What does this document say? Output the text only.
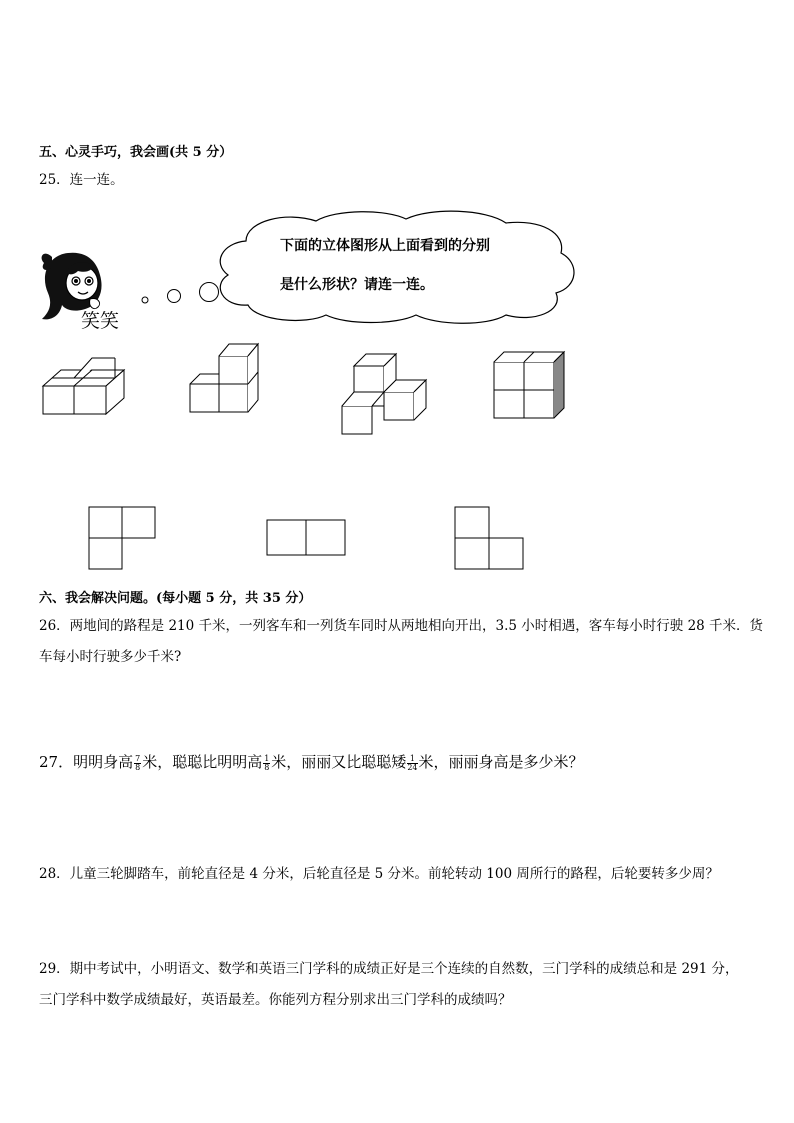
五、心灵手巧，我会画(共 5 分）
25．连一连。
笑笑
下面的立体图形从上面看到的分别
是什么形状？请连一连。
六、我会解决问题。(每小题 5 分，共 35 分）
26．两地间的路程是 210 千米，一列客车和一列货车同时从两地相向开出，3.5 小时相遇，客车每小时行驶 28 千米．货
车每小时行驶多少千米?
27．明明身高 $\frac{7}{8}$ 米，聪聪比明明高 $\frac{1}{8}$ 米，丽丽又比聪聪矮 $\frac{1}{24}$ 米，丽丽身高是多少米？
28．儿童三轮脚踏车，前轮直径是 4 分米，后轮直径是 5 分米。前轮转动 100 周所行的路程，后轮要转多少周？
29．期中考试中，小明语文、数学和英语三门学科的成绩正好是三个连续的自然数，三门学科的成绩总和是 291 分，
三门学科中数学成绩最好，英语最差。你能列方程分别求出三门学科的成绩吗？
